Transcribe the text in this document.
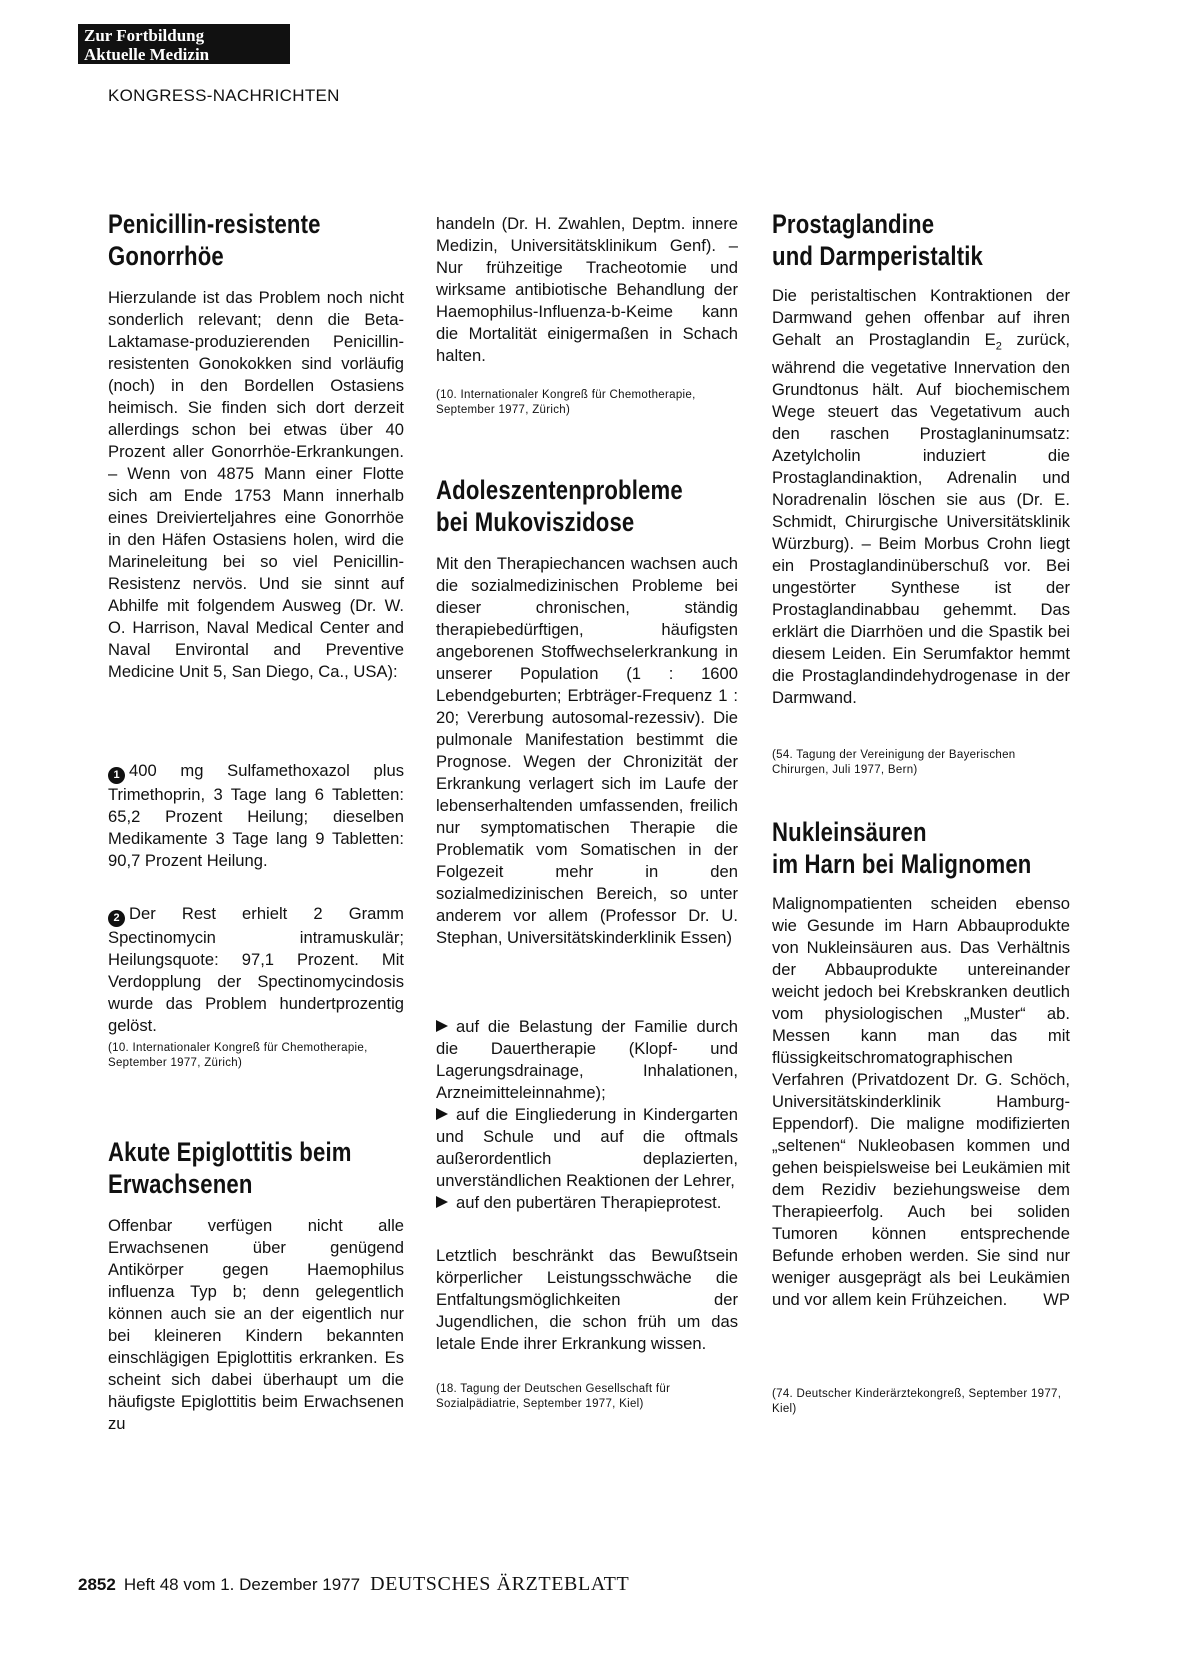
Zur Fortbildung
Aktuelle Medizin
KONGRESS-NACHRICHTEN
Penicillin-resistente
Gonorrhöe

Hierzulande ist das Problem noch nicht sonderlich relevant; denn die Beta-Laktamase-produzierenden Penicillin-resistenten Gonokokken sind vorläufig (noch) in den Bordellen Ostasiens heimisch. Sie finden sich dort derzeit allerdings schon bei etwas über 40 Prozent aller Gonorrhöe-Erkrankungen. – Wenn von 4875 Mann einer Flotte sich am Ende 1753 Mann innerhalb eines Dreivierteljahres eine Gonorrhöe in den Häfen Ostasiens holen, wird die Marineleitung bei so viel Penicillin-Resistenz nervös. Und sie sinnt auf Abhilfe mit folgendem Ausweg (Dr. W. O. Harrison, Naval Medical Center and Naval Environtal and Preventive Medicine Unit 5, San Diego, Ca., USA):

1 400 mg Sulfamethoxazol plus Trimethoprin, 3 Tage lang 6 Tabletten: 65,2 Prozent Heilung; dieselben Medikamente 3 Tage lang 9 Tabletten: 90,7 Prozent Heilung.

2 Der Rest erhielt 2 Gramm Spectinomycin intramuskulär; Heilungsquote: 97,1 Prozent. Mit Verdopplung der Spectinomycindosis wurde das Problem hundertprozentig gelöst.

(10. Internationaler Kongreß für Chemotherapie, September 1977, Zürich)

Akute Epiglottitis beim
Erwachsenen

Offenbar verfügen nicht alle Erwachsenen über genügend Antikörper gegen Haemophilus influenza Typ b; denn gelegentlich können auch sie an der eigentlich nur bei kleineren Kindern bekannten einschlägigen Epiglottitis erkranken. Es scheint sich dabei überhaupt um die häufigste Epiglottitis beim Erwachsenen zu

handeln (Dr. H. Zwahlen, Deptm. innere Medizin, Universitätsklinikum Genf). – Nur frühzeitige Tracheotomie und wirksame antibiotische Behandlung der Haemophilus-Influenza-b-Keime kann die Mortalität einigermaßen in Schach halten.

(10. Internationaler Kongreß für Chemotherapie, September 1977, Zürich)

Adoleszentenprobleme
bei Mukoviszidose

Mit den Therapiechancen wachsen auch die sozialmedizinischen Probleme bei dieser chronischen, ständig therapiebedürftigen, häufigsten angeborenen Stoffwechselerkrankung in unserer Population (1 : 1600 Lebendgeburten; Erbträger-Frequenz 1 : 20; Vererbung autosomal-rezessiv). Die pulmonale Manifestation bestimmt die Prognose. Wegen der Chronizität der Erkrankung verlagert sich im Laufe der lebenserhaltenden umfassenden, freilich nur symptomatischen Therapie die Problematik vom Somatischen in der Folgezeit mehr in den sozialmedizinischen Bereich, so unter anderem vor allem (Professor Dr. U. Stephan, Universitätskinderklinik Essen)

auf die Belastung der Familie durch die Dauertherapie (Klopf- und Lagerungsdrainage, Inhalationen, Arzneimitteleinnahme);
auf die Eingliederung in Kindergarten und Schule und auf die oftmals außerordentlich deplazierten, unverständlichen Reaktionen der Lehrer,
auf den pubertären Therapieprotest.

Letztlich beschränkt das Bewußtsein körperlicher Leistungsschwäche die Entfaltungsmöglichkeiten der Jugendlichen, die schon früh um das letale Ende ihrer Erkrankung wissen.

(18. Tagung der Deutschen Gesellschaft für Sozialpädiatrie, September 1977, Kiel)

Prostaglandine
und Darmperistaltik

Die peristaltischen Kontraktionen der Darmwand gehen offenbar auf ihren Gehalt an Prostaglandin $E_2$ zurück, während die vegetative Innervation den Grundtonus hält. Auf biochemischem Wege steuert das Vegetativum auch den raschen Prostaglaninumsatz: Azetylcholin induziert die Prostaglandinaktion, Adrenalin und Noradrenalin löschen sie aus (Dr. E. Schmidt, Chirurgische Universitätsklinik Würzburg). – Beim Morbus Crohn liegt ein Prostaglandinüberschuß vor. Bei ungestörter Synthese ist der Prostaglandinabbau gehemmt. Das erklärt die Diarrhöen und die Spastik bei diesem Leiden. Ein Serumfaktor hemmt die Prostaglandindehydrogenase in der Darmwand.

(54. Tagung der Vereinigung der Bayerischen Chirurgen, Juli 1977, Bern)

Nukleinsäuren
im Harn bei Malignomen

Malignompatienten scheiden ebenso wie Gesunde im Harn Abbauprodukte von Nukleinsäuren aus. Das Verhältnis der Abbauprodukte untereinander weicht jedoch bei Krebskranken deutlich vom physiologischen „Muster“ ab. Messen kann man das mit flüssigkeitschromatographischen Verfahren (Privatdozent Dr. G. Schöch, Universitätskinderklinik Hamburg-Eppendorf). Die maligne modifizierten „seltenen“ Nukleobasen kommen und gehen beispielsweise bei Leukämien mit dem Rezidiv beziehungsweise dem Therapieerfolg. Auch bei soliden Tumoren können entsprechende Befunde erhoben werden. Sie sind nur weniger ausgeprägt als bei Leukämien und vor allem kein Frühzeichen. WP

(74. Deutscher Kinderärztekongreß, September 1977, Kiel)

2852 Heft 48 vom 1. Dezember 1977 DEUTSCHES ÄRZTEBLATT
